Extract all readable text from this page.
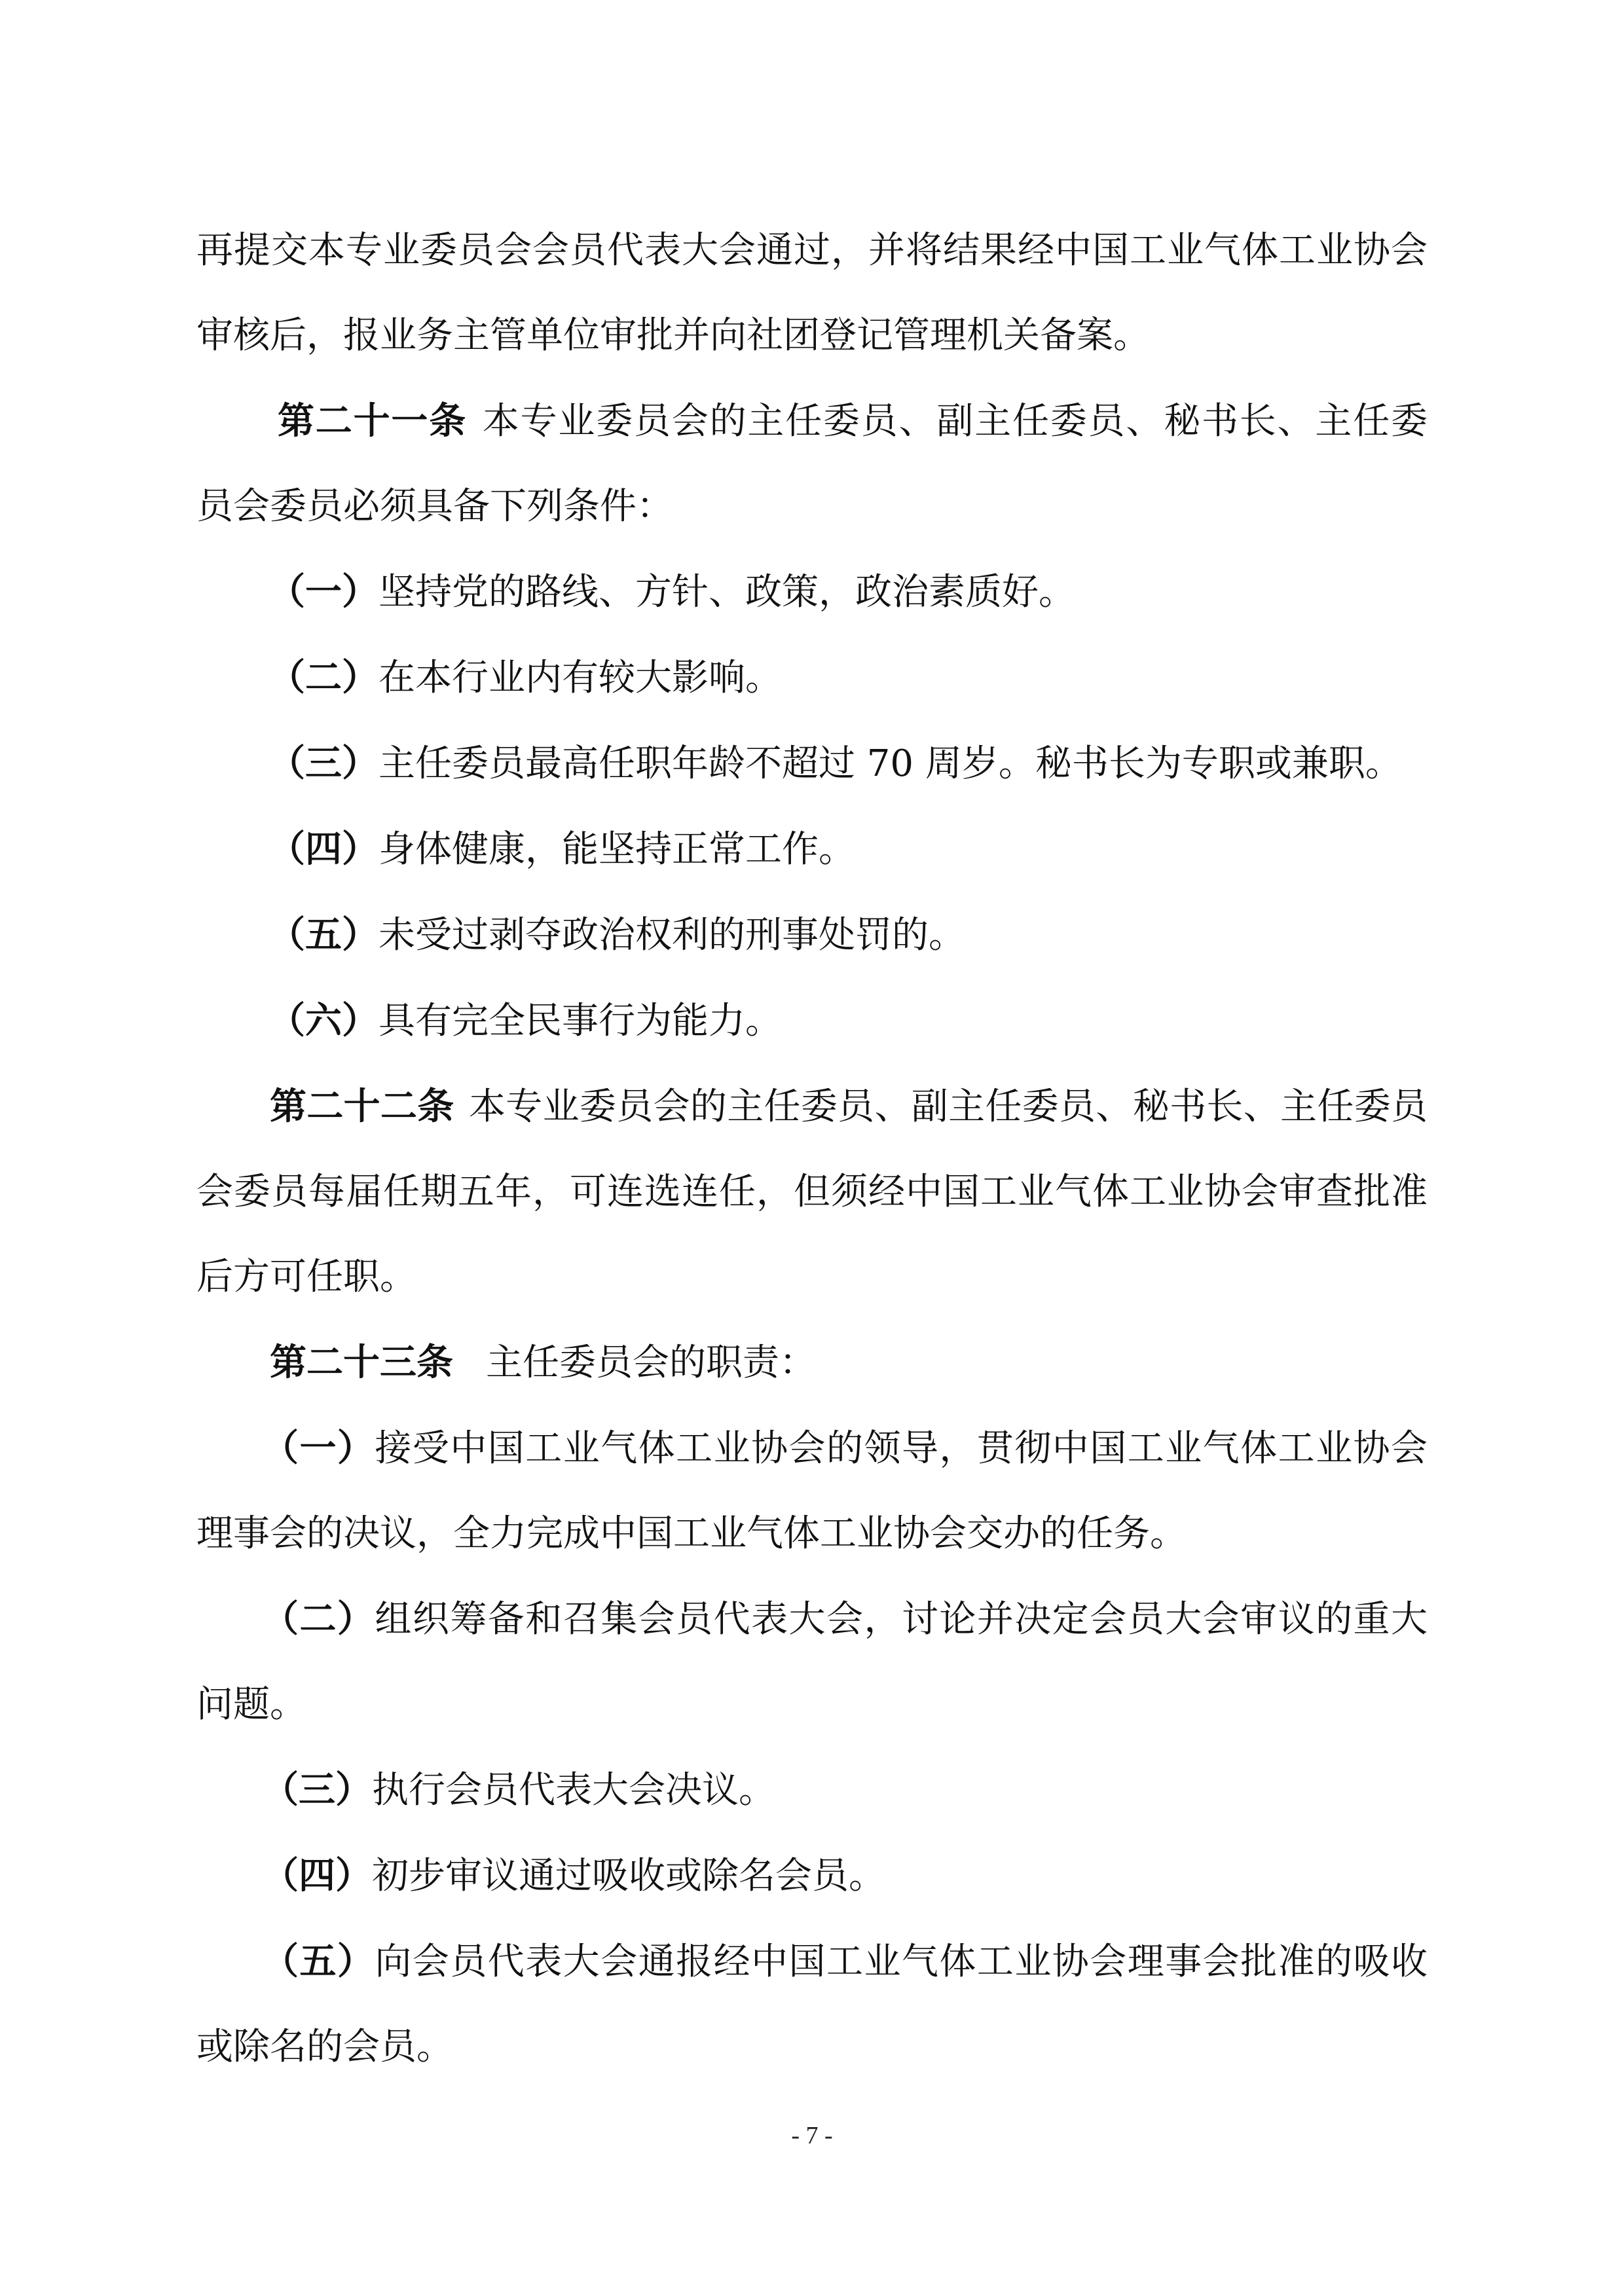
再提交本专业委员会会员代表大会通过，并将结果经中国工业气体工业协会审核后，报业务主管单位审批并向社团登记管理机关备案。

第二十一条 本专业委员会的主任委员、副主任委员、秘书长、主任委员会委员必须具备下列条件：

（一）坚持党的路线、方针、政策，政治素质好。

（二）在本行业内有较大影响。

（三）主任委员最高任职年龄不超过 70 周岁。秘书长为专职或兼职。

（四）身体健康，能坚持正常工作。

（五）未受过剥夺政治权利的刑事处罚的。

（六）具有完全民事行为能力。

第二十二条 本专业委员会的主任委员、副主任委员、秘书长、主任委员会委员每届任期五年，可连选连任，但须经中国工业气体工业协会审查批准后方可任职。

第二十三条 主任委员会的职责：

（一）接受中国工业气体工业协会的领导，贯彻中国工业气体工业协会理事会的决议，全力完成中国工业气体工业协会交办的任务。

（二）组织筹备和召集会员代表大会，讨论并决定会员大会审议的重大问题。

（三）执行会员代表大会决议。

（四）初步审议通过吸收或除名会员。

（五）向会员代表大会通报经中国工业气体工业协会理事会批准的吸收或除名的会员。

- 7 -
